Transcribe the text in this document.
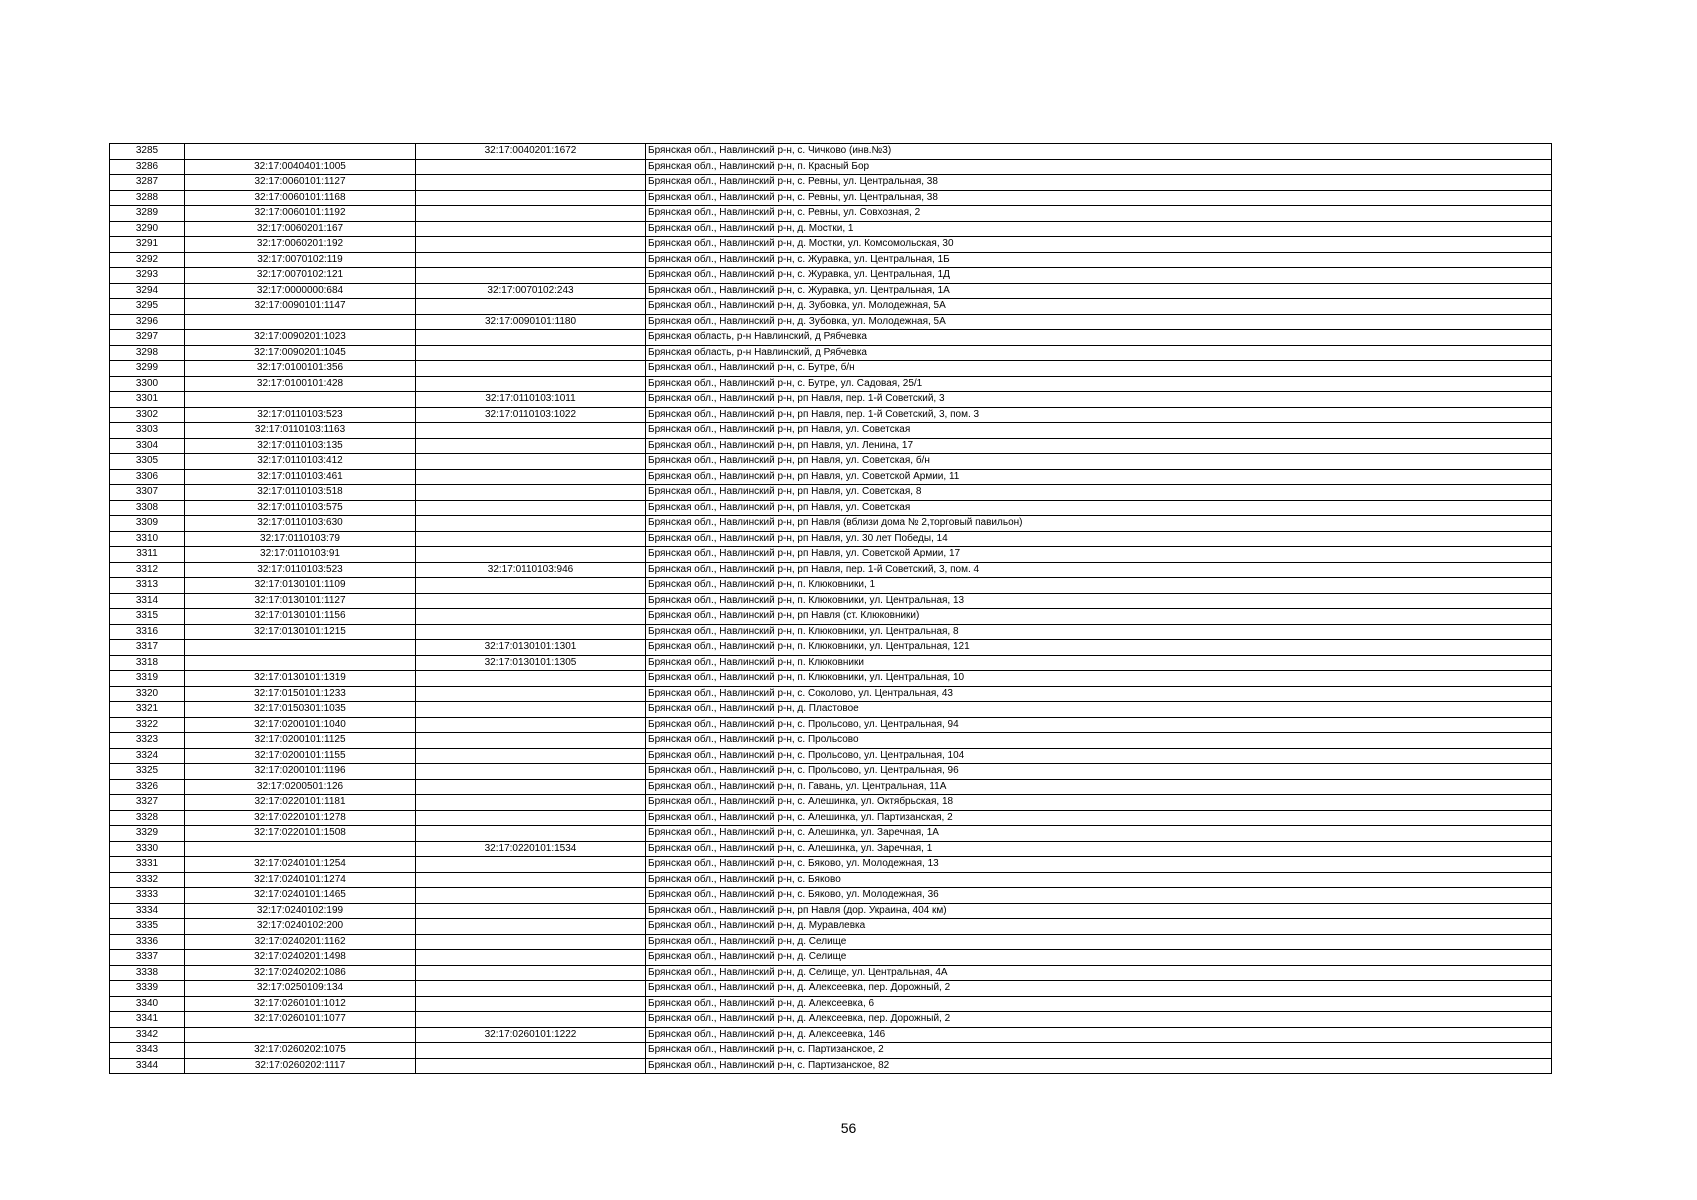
3285		32:17:0040201:1672	Брянская обл., Навлинский р-н, с. Чичково (инв.№3)
3286	32:17:0040401:1005		Брянская обл., Навлинский р-н, п. Красный Бор
3287	32:17:0060101:1127		Брянская обл., Навлинский р-н, с. Ревны, ул. Центральная, 38
3288	32:17:0060101:1168		Брянская обл., Навлинский р-н, с. Ревны, ул. Центральная, 38
3289	32:17:0060101:1192		Брянская обл., Навлинский р-н, с. Ревны, ул. Совхозная, 2
3290	32:17:0060201:167		Брянская обл., Навлинский р-н, д. Мостки, 1
3291	32:17:0060201:192		Брянская обл., Навлинский р-н, д. Мостки, ул. Комсомольская, 30
3292	32:17:0070102:119		Брянская обл., Навлинский р-н, с. Журавка, ул. Центральная, 1Б
3293	32:17:0070102:121		Брянская обл., Навлинский р-н, с. Журавка, ул. Центральная, 1Д
3294	32:17:0000000:684	32:17:0070102:243	Брянская обл., Навлинский р-н, с. Журавка, ул. Центральная, 1А
3295	32:17:0090101:1147		Брянская обл., Навлинский р-н, д. Зубовка, ул. Молодежная, 5А
3296		32:17:0090101:1180	Брянская обл., Навлинский р-н, д. Зубовка, ул. Молодежная, 5А
3297	32:17:0090201:1023		Брянская область, р-н Навлинский, д Рябчевка
3298	32:17:0090201:1045		Брянская область, р-н Навлинский, д Рябчевка
3299	32:17:0100101:356		Брянская обл., Навлинский р-н, с. Бутре, б/н
3300	32:17:0100101:428		Брянская обл., Навлинский р-н, с. Бутре, ул. Садовая, 25/1
3301		32:17:0110103:1011	Брянская обл., Навлинский р-н, рп Навля, пер. 1-й Советский, 3
3302	32:17:0110103:523	32:17:0110103:1022	Брянская обл., Навлинский р-н, рп Навля, пер. 1-й Советский, 3, пом. 3
3303	32:17:0110103:1163		Брянская обл., Навлинский р-н, рп Навля, ул. Советская
3304	32:17:0110103:135		Брянская обл., Навлинский р-н, рп Навля, ул. Ленина, 17
3305	32:17:0110103:412		Брянская обл., Навлинский р-н, рп Навля, ул. Советская, б/н
3306	32:17:0110103:461		Брянская обл., Навлинский р-н, рп Навля, ул. Советской Армии, 11
3307	32:17:0110103:518		Брянская обл., Навлинский р-н, рп Навля, ул. Советская, 8
3308	32:17:0110103:575		Брянская обл., Навлинский р-н, рп Навля, ул. Советская
3309	32:17:0110103:630		Брянская обл., Навлинский р-н, рп Навля (вблизи дома № 2,торговый павильон)
3310	32:17:0110103:79		Брянская обл., Навлинский р-н, рп Навля, ул. 30 лет Победы, 14
3311	32:17:0110103:91		Брянская обл., Навлинский р-н, рп Навля, ул. Советской Армии, 17
3312	32:17:0110103:523	32:17:0110103:946	Брянская обл., Навлинский р-н, рп Навля, пер. 1-й Советский, 3, пом. 4
3313	32:17:0130101:1109		Брянская обл., Навлинский р-н, п. Клюковники, 1
3314	32:17:0130101:1127		Брянская обл., Навлинский р-н, п. Клюковники, ул. Центральная, 13
3315	32:17:0130101:1156		Брянская обл., Навлинский р-н, рп Навля (ст. Клюковники)
3316	32:17:0130101:1215		Брянская обл., Навлинский р-н, п. Клюковники, ул. Центральная, 8
3317		32:17:0130101:1301	Брянская обл., Навлинский р-н, п. Клюковники, ул. Центральная, 121
3318		32:17:0130101:1305	Брянская обл., Навлинский р-н, п. Клюковники
3319	32:17:0130101:1319		Брянская обл., Навлинский р-н, п. Клюковники, ул. Центральная, 10
3320	32:17:0150101:1233		Брянская обл., Навлинский р-н, с. Соколово, ул. Центральная, 43
3321	32:17:0150301:1035		Брянская обл., Навлинский р-н, д. Пластовое
3322	32:17:0200101:1040		Брянская обл., Навлинский р-н, с. Прольсово, ул. Центральная, 94
3323	32:17:0200101:1125		Брянская обл., Навлинский р-н, с. Прольсово
3324	32:17:0200101:1155		Брянская обл., Навлинский р-н, с. Прольсово, ул. Центральная, 104
3325	32:17:0200101:1196		Брянская обл., Навлинский р-н, с. Прольсово, ул. Центральная, 96
3326	32:17:0200501:126		Брянская обл., Навлинский р-н, п. Гавань, ул. Центральная, 11А
3327	32:17:0220101:1181		Брянская обл., Навлинский р-н, с. Алешинка, ул. Октябрьская, 18
3328	32:17:0220101:1278		Брянская обл., Навлинский р-н, с. Алешинка, ул. Партизанская, 2
3329	32:17:0220101:1508		Брянская обл., Навлинский р-н, с. Алешинка, ул. Заречная, 1А
3330		32:17:0220101:1534	Брянская обл., Навлинский р-н, с. Алешинка, ул. Заречная, 1
3331	32:17:0240101:1254		Брянская обл., Навлинский р-н, с. Бяково, ул. Молодежная, 13
3332	32:17:0240101:1274		Брянская обл., Навлинский р-н, с. Бяково
3333	32:17:0240101:1465		Брянская обл., Навлинский р-н, с. Бяково, ул. Молодежная, 36
3334	32:17:0240102:199		Брянская обл., Навлинский р-н, рп Навля (дор. Украина, 404 км)
3335	32:17:0240102:200		Брянская обл., Навлинский р-н, д. Муравлевка
3336	32:17:0240201:1162		Брянская обл., Навлинский р-н, д. Селище
3337	32:17:0240201:1498		Брянская обл., Навлинский р-н, д. Селище
3338	32:17:0240202:1086		Брянская обл., Навлинский р-н, д. Селище, ул. Центральная, 4А
3339	32:17:0250109:134		Брянская обл., Навлинский р-н, д. Алексеевка, пер. Дорожный, 2
3340	32:17:0260101:1012		Брянская обл., Навлинский р-н, д. Алексеевка, 6
3341	32:17:0260101:1077		Брянская обл., Навлинский р-н, д. Алексеевка, пер. Дорожный, 2
3342		32:17:0260101:1222	Брянская обл., Навлинский р-н, д. Алексеевка, 146
3343	32:17:0260202:1075		Брянская обл., Навлинский р-н, с. Партизанское, 2
3344	32:17:0260202:1117		Брянская обл., Навлинский р-н, с. Партизанское, 82
56
